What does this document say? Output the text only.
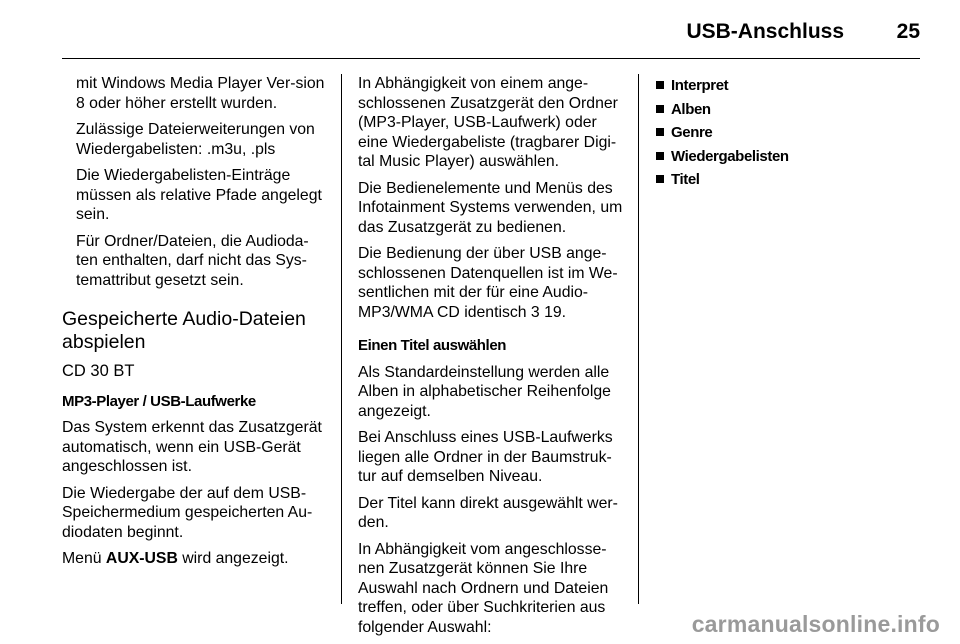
USB-Anschluss	25

mit Windows Media Player Ver-sion 8 oder höher erstellt wurden.

Zulässige Dateierweiterungen von Wiedergabelisten: .m3u, .pls

Die Wiedergabelisten-Einträge müssen als relative Pfade angelegt sein.

Für Ordner/Dateien, die Audioda-ten enthalten, darf nicht das Sys-temattribut gesetzt sein.

Gespeicherte Audio-Dateien abspielen
CD 30 BT

MP3-Player / USB-Laufwerke

Das System erkennt das Zusatzgerät automatisch, wenn ein USB-Gerät angeschlossen ist.

Die Wiedergabe der auf dem USB-Speichermedium gespeicherten Au-diodaten beginnt.

Menü AUX-USB wird angezeigt.

In Abhängigkeit von einem ange-schlossenen Zusatzgerät den Ordner (MP3-Player, USB-Laufwerk) oder eine Wiedergabeliste (tragbarer Digi-tal Music Player) auswählen.

Die Bedienelemente und Menüs des Infotainment Systems verwenden, um das Zusatzgerät zu bedienen.

Die Bedienung der über USB ange-schlossenen Datenquellen ist im We-sentlichen mit der für eine Audio-MP3/WMA CD identisch 3 19.

Einen Titel auswählen

Als Standardeinstellung werden alle Alben in alphabetischer Reihenfolge angezeigt.

Bei Anschluss eines USB-Laufwerks liegen alle Ordner in der Baumstruk-tur auf demselben Niveau.

Der Titel kann direkt ausgewählt wer-den.

In Abhängigkeit vom angeschlosse-nen Zusatzgerät können Sie Ihre Auswahl nach Ordnern und Dateien treffen, oder über Suchkriterien aus folgender Auswahl:

Interpret
Alben
Genre
Wiedergabelisten
Titel
carmanualsonline.info
